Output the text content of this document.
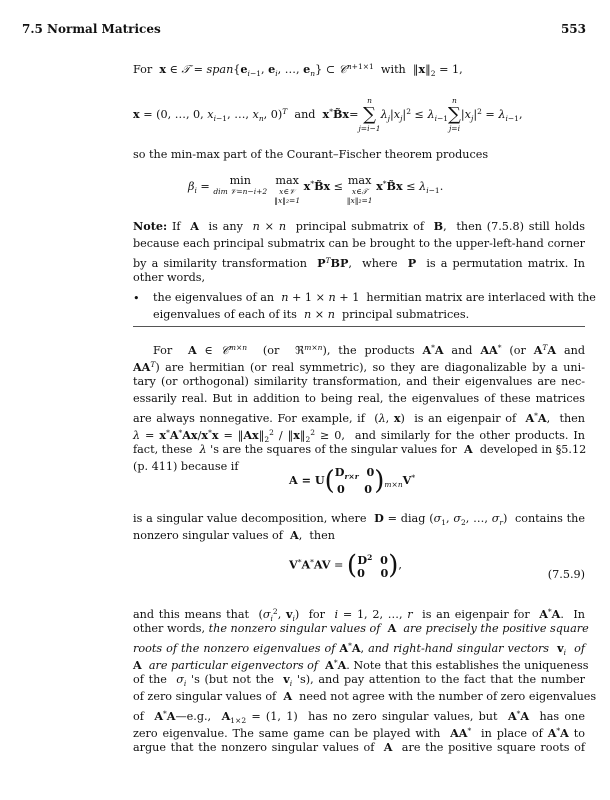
7.5 Normal Matrices	553
For  x ∈ 𝒯 = $span\{e_{i-1}$, $e_i$, …, $e_n$} ⊂ 𝒞$^{n+1\times 1}$  with  $‖x‖_2 = 1$,
x = (0, …, 0, $x_{i-1}$, …, $x_n$, 0)$^T$  and  x*B̃x=
n
∑
j=i−1
$\lambda_j|x_j|^2 \le \lambda_{i-1}$
n
∑
j=i
$|x_j|^2 = \lambda_{i-1}$,
so the min-max part of the Courant–Fischer theorem produces
$\beta_i = \min$
dim 𝒱=n−i+2
max
x∈𝒱
‖x‖₂=1
x*B̃x ≤ max
x∈𝒯
‖x‖₂=1
x*B̃x ≤ $\lambda_{i-1}$.
Note: If  A  is any  n × n  principal submatrix of  B,  then (7.5.8) still holds
because each principal submatrix can be brought to the upper-left-hand corner
by a similarity transformation  $P^TBP$,  where  P  is a permutation matrix. In
other words,
• the eigenvalues of an  n + 1 × n + 1  hermitian matrix are interlaced with the
eigenvalues of each of its  n × n  principal submatrices.
For  A ∈ 𝒞$^{m\times n}$  (or  ℜ$^{m\times n}$), the products A*A and AA* (or $A^TA$ and
$AA^T$) are hermitian (or real symmetric), so they are diagonalizable by a uni-
tary (or orthogonal) similarity transformation, and their eigenvalues are nec-
essarily real. But in addition to being real, the eigenvalues of these matrices
are always nonnegative. For example, if  (λ, x)  is an eigenpair of  A*A,  then
$\lambda = x^*A^*Ax/x^*x = ‖Ax‖_2^2$ / $‖x‖_2^2 \ge 0$,  and similarly for the other products. In
fact, these  λ 's are the squares of the singular values for  A  developed in §5.12
(p. 411) because if
$A = U(D_{r\times r}$  0
0     $0)_{m\times n}V^*$
is a singular value decomposition, where  D = diag ($\sigma_1$, $\sigma_2$, …, $\sigma_r$)  contains the
nonzero singular values of  A,  then
$V^*A^*AV = (D^2$  0
0    0),
(7.5.9)
and this means that  ($\sigma_i^2$, $v_i$)  for  i = 1, 2, …, r  is an eigenpair for  A*A.  In
other words, the nonzero singular values of A are precisely the positive square
roots of the nonzero eigenvalues of A*A, and right-hand singular vectors $v_i$ of
A are particular eigenvectors of A*A. Note that this establishes the uniqueness
of the  $\sigma_i$ 's (but not the  $v_i$ 's), and pay attention to the fact that the number
of zero singular values of  A  need not agree with the number of zero eigenvalues
of  A*A—e.g.,  $A_{1\times 2} = (1$, 1)  has no zero singular values, but  A*A  has one
zero eigenvalue. The same game can be played with  AA*  in place of A*A to
argue that the nonzero singular values of  A  are the positive square roots of
